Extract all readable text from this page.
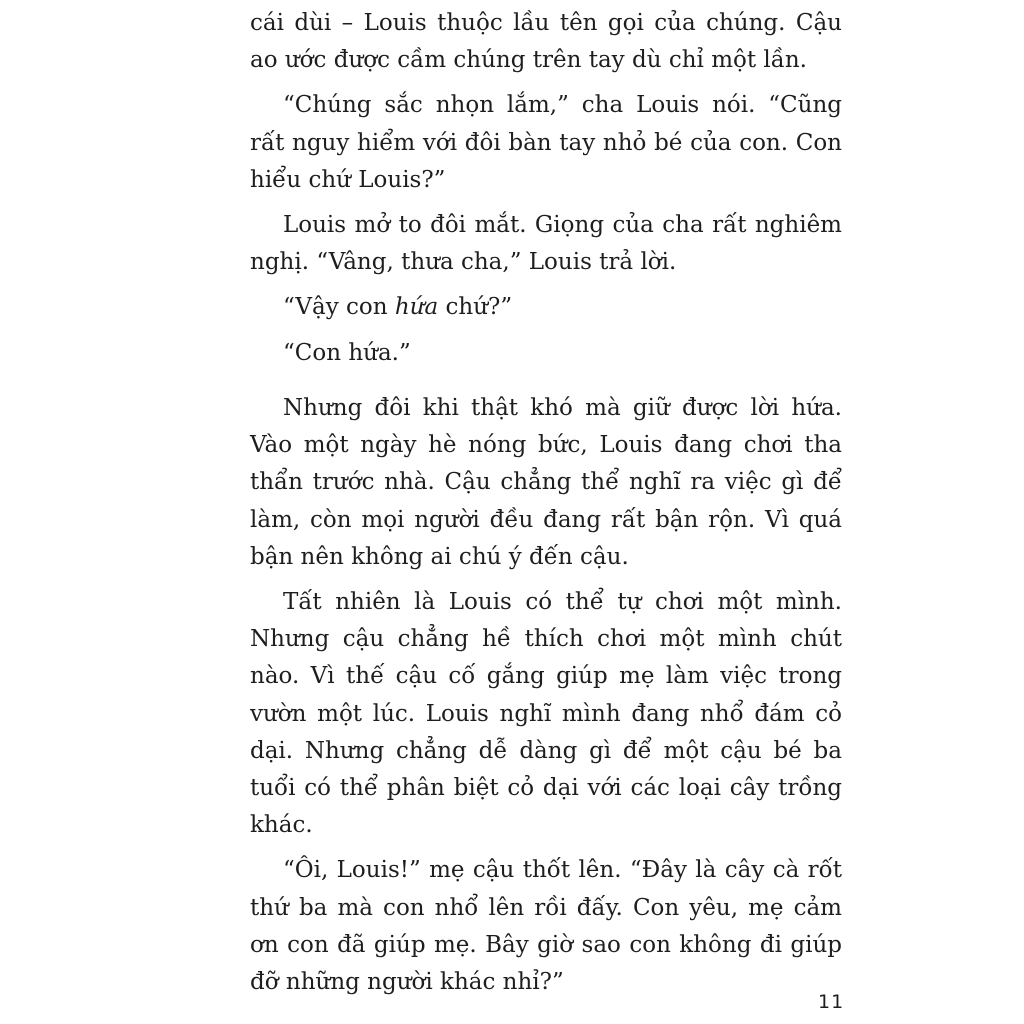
cái dùi – Louis thuộc lầu tên gọi của chúng. Cậu ao ước được cầm chúng trên tay dù chỉ một lần.

“Chúng sắc nhọn lắm,” cha Louis nói. “Cũng rất nguy hiểm với đôi bàn tay nhỏ bé của con. Con hiểu chứ Louis?”

Louis mở to đôi mắt. Giọng của cha rất nghiêm nghị. “Vâng, thưa cha,” Louis trả lời.

“Vậy con hứa chứ?”

“Con hứa.”

Nhưng đôi khi thật khó mà giữ được lời hứa. Vào một ngày hè nóng bức, Louis đang chơi tha thẩn trước nhà. Cậu chẳng thể nghĩ ra việc gì để làm, còn mọi người đều đang rất bận rộn. Vì quá bận nên không ai chú ý đến cậu.

Tất nhiên là Louis có thể tự chơi một mình. Nhưng cậu chẳng hề thích chơi một mình chút nào. Vì thế cậu cố gắng giúp mẹ làm việc trong vườn một lúc. Louis nghĩ mình đang nhổ đám cỏ dại. Nhưng chẳng dễ dàng gì để một cậu bé ba tuổi có thể phân biệt cỏ dại với các loại cây trồng khác.

“Ôi, Louis!” mẹ cậu thốt lên. “Đây là cây cà rốt thứ ba mà con nhổ lên rồi đấy. Con yêu, mẹ cảm ơn con đã giúp mẹ. Bây giờ sao con không đi giúp đỡ những người khác nhỉ?”

11
